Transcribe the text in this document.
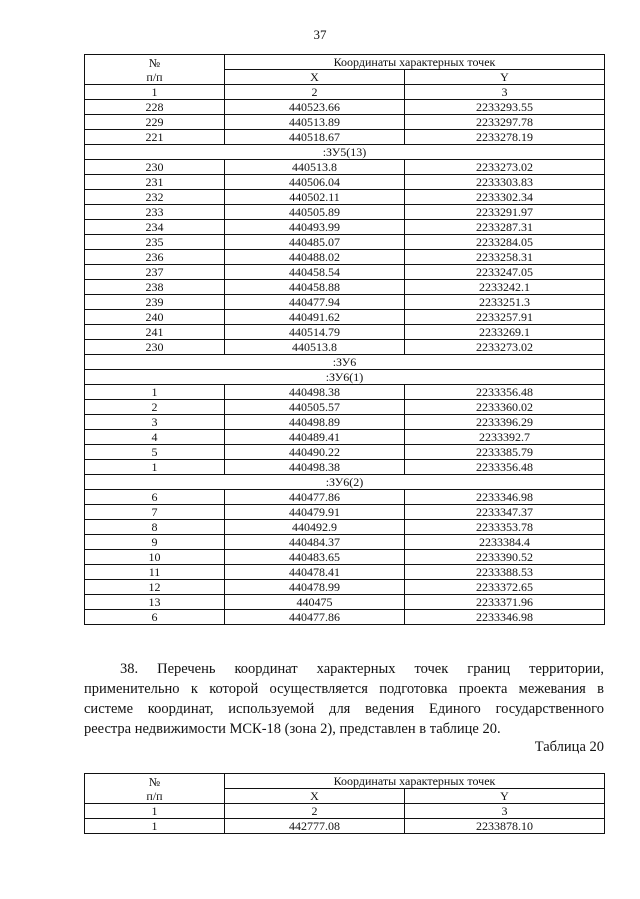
37
№
п/п	Координаты характерных точек	
	X	Y
1	2	3
228	440523.66	2233293.55
229	440513.89	2233297.78
221	440518.67	2233278.19
:ЗУ5(13)		
230	440513.8	2233273.02
231	440506.04	2233303.83
232	440502.11	2233302.34
233	440505.89	2233291.97
234	440493.99	2233287.31
235	440485.07	2233284.05
236	440488.02	2233258.31
237	440458.54	2233247.05
238	440458.88	2233242.1
239	440477.94	2233251.3
240	440491.62	2233257.91
241	440514.79	2233269.1
230	440513.8	2233273.02
:ЗУ6		
:ЗУ6(1)		
1	440498.38	2233356.48
2	440505.57	2233360.02
3	440498.89	2233396.29
4	440489.41	2233392.7
5	440490.22	2233385.79
1	440498.38	2233356.48
:ЗУ6(2)		
6	440477.86	2233346.98
7	440479.91	2233347.37
8	440492.9	2233353.78
9	440484.37	2233384.4
10	440483.65	2233390.52
11	440478.41	2233388.53
12	440478.99	2233372.65
13	440475	2233371.96
6	440477.86	2233346.98
38. Перечень координат характерных точек границ территории,
применительно к которой осуществляется подготовка проекта межевания в
системе координат, используемой для ведения Единого государственного
реестра недвижимости МСК-18 (зона 2), представлен в таблице 20.
Таблица 20
№
п/п	Координаты характерных точек	
	X	Y
1	2	3
1	442777.08	2233878.10
